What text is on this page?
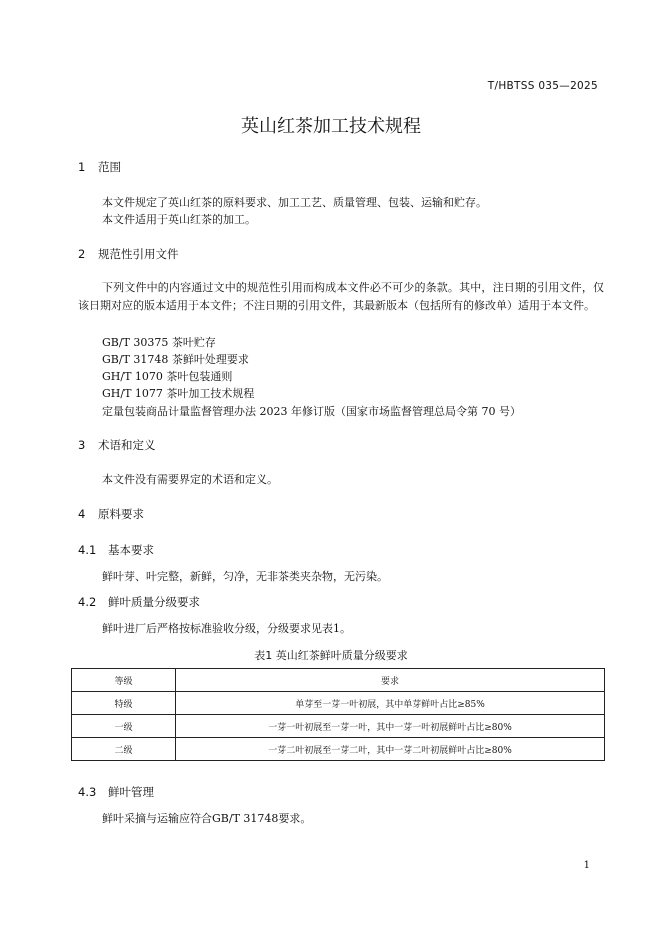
T/HBTSS 035—2025
英山红茶加工技术规程
1 范围
本文件规定了英山红茶的原料要求、加工工艺、质量管理、包装、运输和贮存。
本文件适用于英山红茶的加工。
2 规范性引用文件
下列文件中的内容通过文中的规范性引用而构成本文件必不可少的条款。其中，注日期的引用文件，仅该日期对应的版本适用于本文件；不注日期的引用文件，其最新版本（包括所有的修改单）适用于本文件。
GB/T 30375 茶叶贮存
GB/T 31748 茶鲜叶处理要求
GH/T 1070 茶叶包装通则
GH/T 1077 茶叶加工技术规程
定量包装商品计量监督管理办法 2023 年修订版（国家市场监督管理总局令第 70 号）
3 术语和定义
本文件没有需要界定的术语和定义。
4 原料要求
4.1 基本要求
鲜叶芽、叶完整，新鲜，匀净，无非茶类夹杂物，无污染。
4.2 鲜叶质量分级要求
鲜叶进厂后严格按标准验收分级，分级要求见表1。
表1 英山红茶鲜叶质量分级要求
等级	要求
特级	单芽至一芽一叶初展，其中单芽鲜叶占比≥85%
一级	一芽一叶初展至一芽一叶，其中一芽一叶初展鲜叶占比≥80%
二级	一芽二叶初展至一芽二叶，其中一芽二叶初展鲜叶占比≥80%
4.3 鲜叶管理
鲜叶采摘与运输应符合GB/T 31748要求。
1
